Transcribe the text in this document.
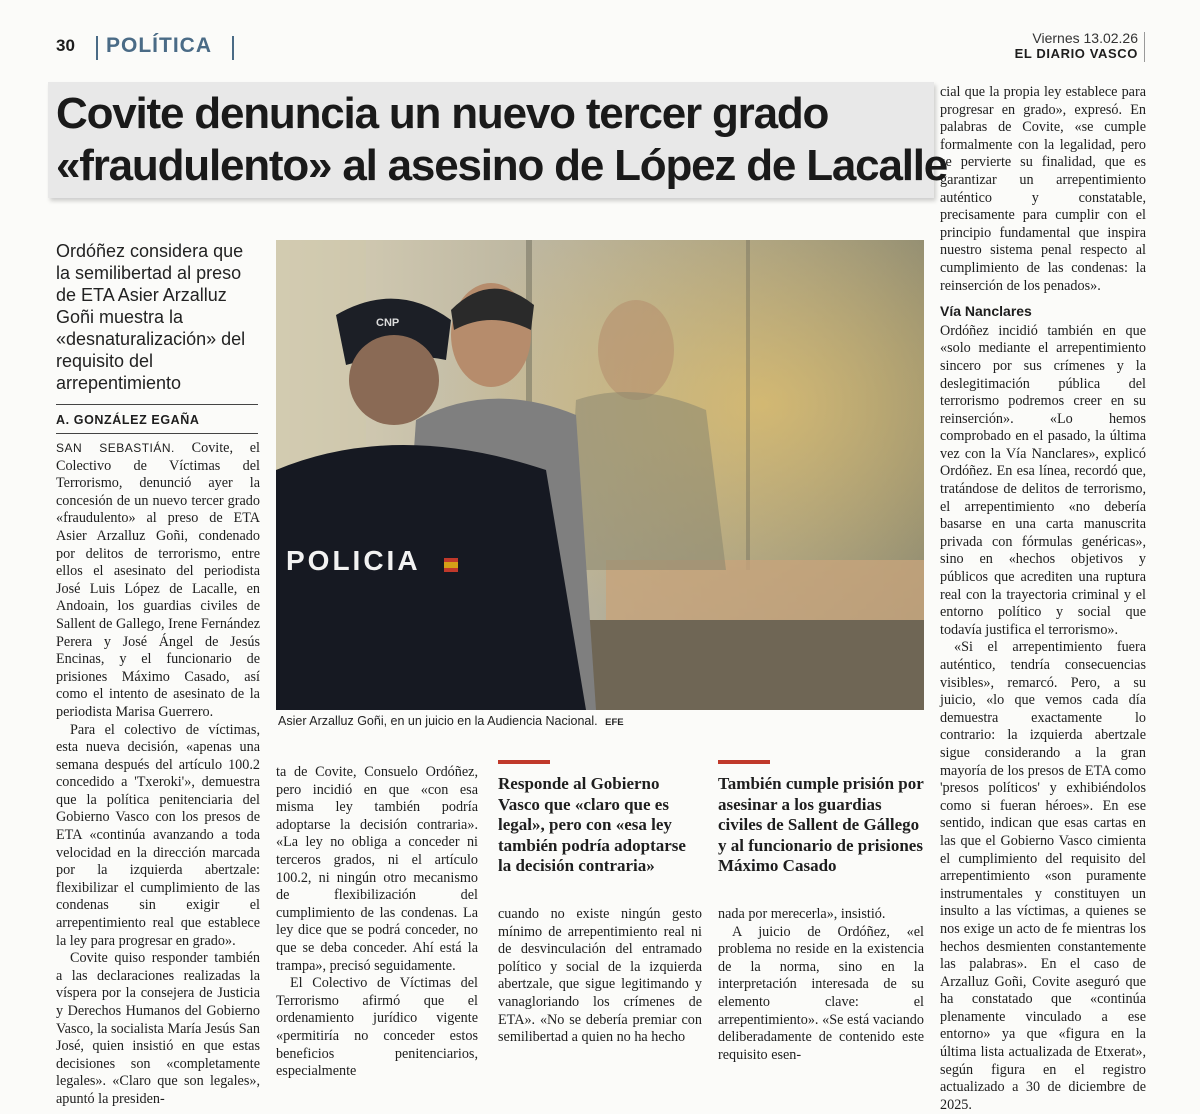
30 POLÍTICA	Viernes 13.02.26
EL DIARIO VASCO
Covite denuncia un nuevo tercer grado
«fraudulento» al asesino de López de Lacalle
Ordóñez considera que la semilibertad al preso de ETA Asier Arzalluz Goñi muestra la «desnaturalización» del requisito del arrepentimiento
A. GONZÁLEZ EGAÑA

SAN SEBASTIÁN. Covite, el Colectivo de Víctimas del Terrorismo, denunció ayer la concesión de un nuevo tercer grado «fraudulento» al preso de ETA Asier Arzalluz Goñi, condenado por delitos de terrorismo, entre ellos el asesinato del periodista José Luis López de Lacalle, en Andoain, los guardias civiles de Sallent de Gallego, Irene Fernández Perera y José Ángel de Jesús Encinas, y el funcionario de prisiones Máximo Casado, así como el intento de asesinato de la periodista Marisa Guerrero.

Para el colectivo de víctimas, esta nueva decisión, «apenas una semana después del artículo 100.2 concedido a 'Txeroki'», demuestra que la política penitenciaria del Gobierno Vasco con los presos de ETA «continúa avanzando a toda velocidad en la dirección marcada por la izquierda abertzale: flexibilizar el cumplimiento de las condenas sin exigir el arrepentimiento real que establece la ley para progresar en grado».

Covite quiso responder también a las declaraciones realizadas la víspera por la consejera de Justicia y Derechos Humanos del Gobierno Vasco, la socialista María Jesús San José, quien insistió en que estas decisiones son «completamente legales». «Claro que son legales», apuntó la presiden-

CNP
POLICIA
Asier Arzalluz Goñi, en un juicio en la Audiencia Nacional. EFE

ta de Covite, Consuelo Ordóñez, pero incidió en que «con esa misma ley también podría adoptarse la decisión contraria». «La ley no obliga a conceder ni terceros grados, ni el artículo 100.2, ni ningún otro mecanismo de flexibilización del cumplimiento de las condenas. La ley dice que se podrá conceder, no que se deba conceder. Ahí está la trampa», precisó seguidamente.

El Colectivo de Víctimas del Terrorismo afirmó que el ordenamiento jurídico vigente «permitiría no conceder estos beneficios penitenciarios, especialmente

Responde al Gobierno Vasco que «claro que es legal», pero con «esa ley también podría adoptarse la decisión contraria»

cuando no existe ningún gesto mínimo de arrepentimiento real ni de desvinculación del entramado político y social de la izquierda abertzale, que sigue legitimando y vanagloriando los crímenes de ETA». «No se debería premiar con semilibertad a quien no ha hecho

También cumple prisión por asesinar a los guardias civiles de Sallent de Gállego y al funcionario de prisiones Máximo Casado

nada por merecerla», insistió.

A juicio de Ordóñez, «el problema no reside en la existencia de la norma, sino en la interpretación interesada de su elemento clave: el arrepentimiento». «Se está vaciando deliberadamente de contenido este requisito esen-

cial que la propia ley establece para progresar en grado», expresó. En palabras de Covite, «se cumple formalmente con la legalidad, pero se pervierte su finalidad, que es garantizar un arrepentimiento auténtico y constatable, precisamente para cumplir con el principio fundamental que inspira nuestro sistema penal respecto al cumplimiento de las condenas: la reinserción de los penados».

Vía Nanclares

Ordóñez incidió también en que «solo mediante el arrepentimiento sincero por sus crímenes y la deslegitimación pública del terrorismo podremos creer en su reinserción». «Lo hemos comprobado en el pasado, la última vez con la Vía Nanclares», explicó Ordóñez. En esa línea, recordó que, tratándose de delitos de terrorismo, el arrepentimiento «no debería basarse en una carta manuscrita privada con fórmulas genéricas», sino en «hechos objetivos y públicos que acrediten una ruptura real con la trayectoria criminal y el entorno político y social que todavía justifica el terrorismo».

«Si el arrepentimiento fuera auténtico, tendría consecuencias visibles», remarcó. Pero, a su juicio, «lo que vemos cada día demuestra exactamente lo contrario: la izquierda abertzale sigue considerando a la gran mayoría de los presos de ETA como 'presos políticos' y exhibiéndolos como si fueran héroes». En ese sentido, indican que esas cartas en las que el Gobierno Vasco cimienta el cumplimiento del requisito del arrepentimiento «son puramente instrumentales y constituyen un insulto a las víctimas, a quienes se nos exige un acto de fe mientras los hechos desmienten constantemente las palabras». En el caso de Arzalluz Goñi, Covite aseguró que ha constatado que «continúa plenamente vinculado a ese entorno» ya que «figura en la última lista actualizada de Etxerat», según figura en el registro actualizado a 30 de diciembre de 2025.
